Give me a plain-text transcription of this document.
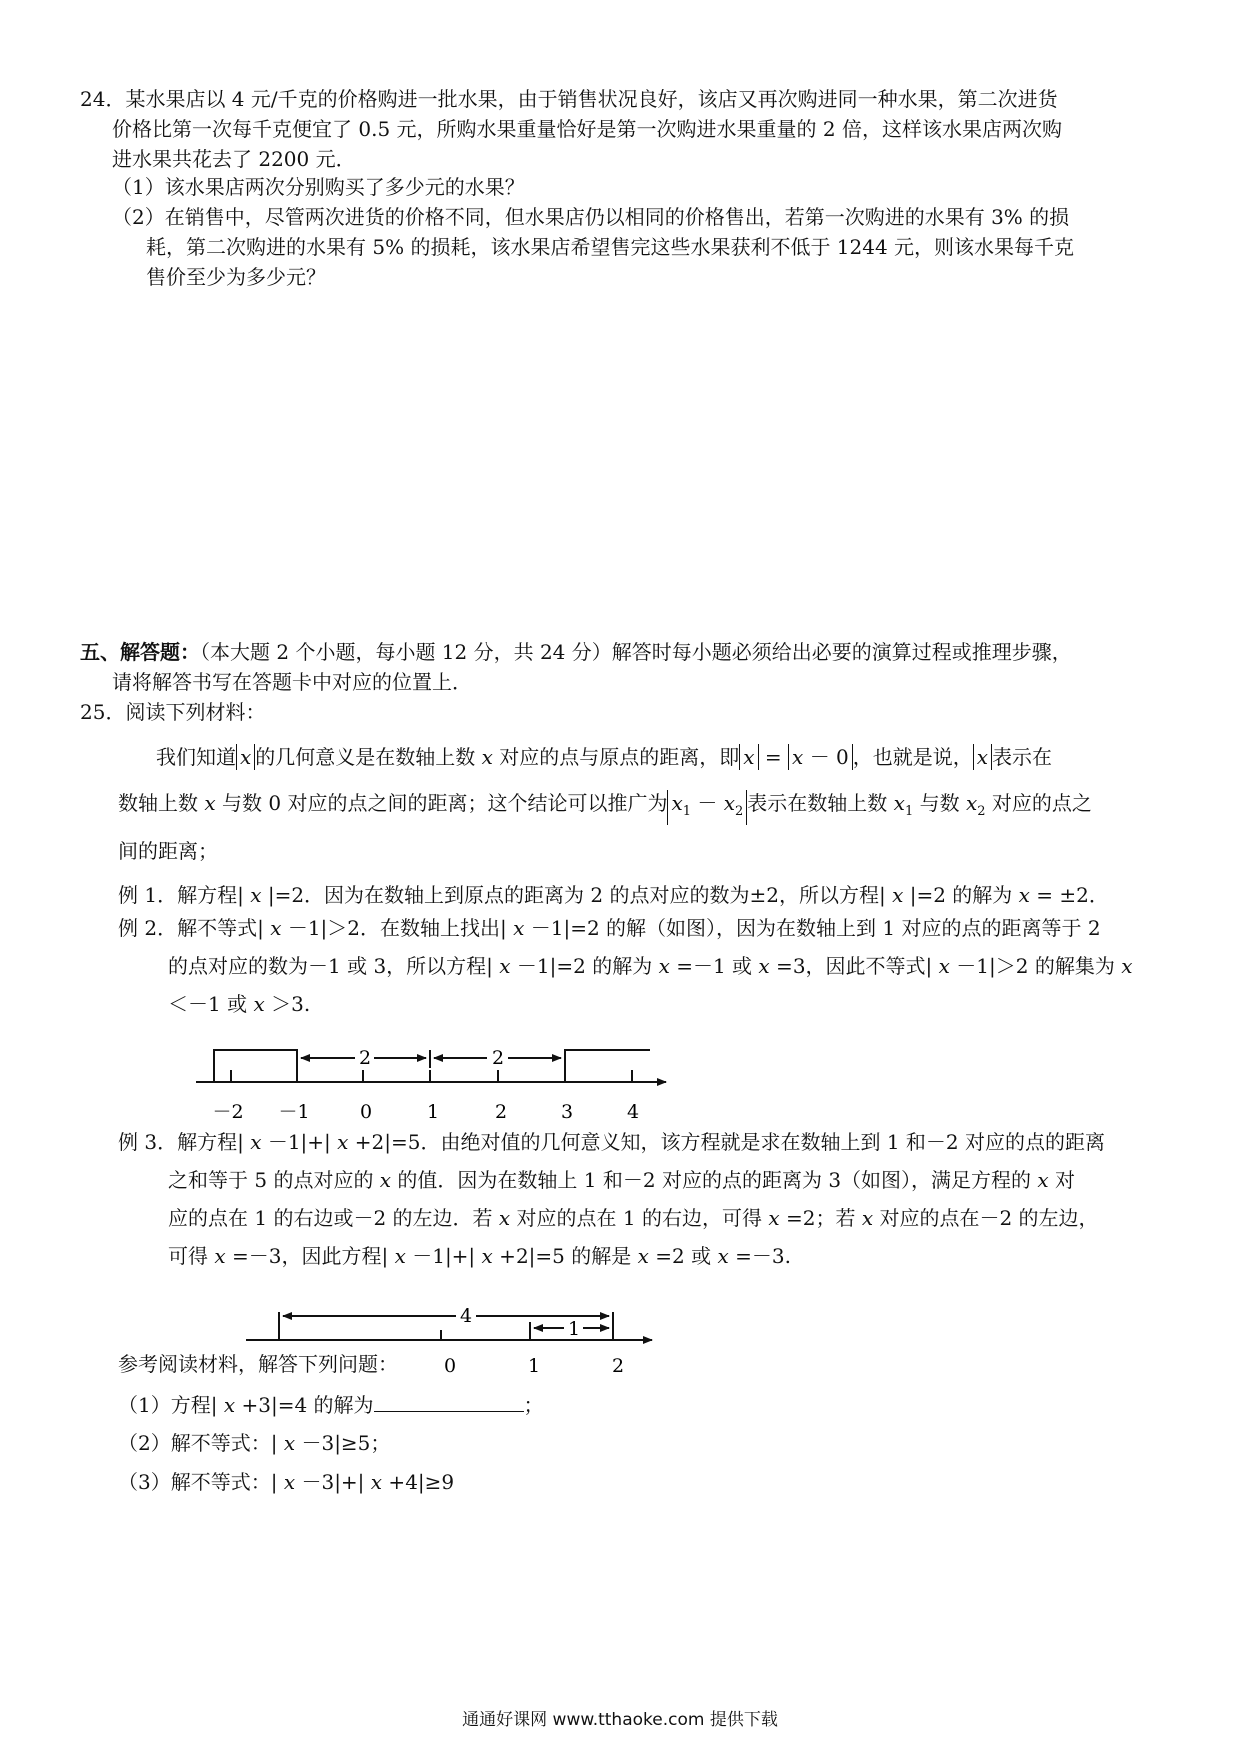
24．某水果店以 4 元/千克的价格购进一批水果，由于销售状况良好，该店又再次购进同一种水果，第二次进货
价格比第一次每千克便宜了 0.5 元，所购水果重量恰好是第一次购进水果重量的 2 倍，这样该水果店两次购
进水果共花去了 2200 元．
（1）该水果店两次分别购买了多少元的水果？
（2）在销售中，尽管两次进货的价格不同，但水果店仍以相同的价格售出，若第一次购进的水果有 3% 的损
耗，第二次购进的水果有 5% 的损耗，该水果店希望售完这些水果获利不低于 1244 元，则该水果每千克
售价至少为多少元？
五、解答题：（本大题 2 个小题，每小题 12 分，共 24 分）解答时每小题必须给出必要的演算过程或推理步骤，
请将解答书写在答题卡中对应的位置上．
25．阅读下列材料：
我们知道 x 的几何意义是在数轴上数 x 对应的点与原点的距离，即 x = x － 0 ，也就是说， x 表示在
数轴上数 x 与数 0 对应的点之间的距离；这个结论可以推广为 $x_1 - x_2$ 表示在数轴上数 $x_1$ 与数 $x_2$ 对应的点之
间的距离；
例 1．解方程| x |=2．因为在数轴上到原点的距离为 2 的点对应的数为±2，所以方程| x |=2 的解为 x = ±2．
例 2．解不等式| x －1|＞2．在数轴上找出| x －1|=2 的解（如图），因为在数轴上到 1 对应的点的距离等于 2
的点对应的数为－1 或 3，所以方程| x －1|=2 的解为 x =－1 或 x =3，因此不等式| x －1|＞2 的解集为 x
＜－1 或 x ＞3.
2	2
－2 －1	0	1	2	3	4
例 3．解方程| x －1|+| x +2|=5．由绝对值的几何意义知，该方程就是求在数轴上到 1 和－2 对应的点的距离
之和等于 5 的点对应的 x 的值．因为在数轴上 1 和－2 对应的点的距离为 3（如图），满足方程的 x 对
应的点在 1 的右边或－2 的左边．若 x 对应的点在 1 的右边，可得 x =2；若 x 对应的点在－2 的左边，
可得 x =－3，因此方程| x －1|+| x +2|=5 的解是 x =2 或 x =－3.
4
1
0	1	2
参考阅读材料，解答下列问题：
（1）方程| x +3|=4 的解为	；
（2）解不等式：| x －3|≥5；
（3）解不等式：| x －3|+| x +4|≥9
通通好课网 www.tthaoke.com 提供下载
